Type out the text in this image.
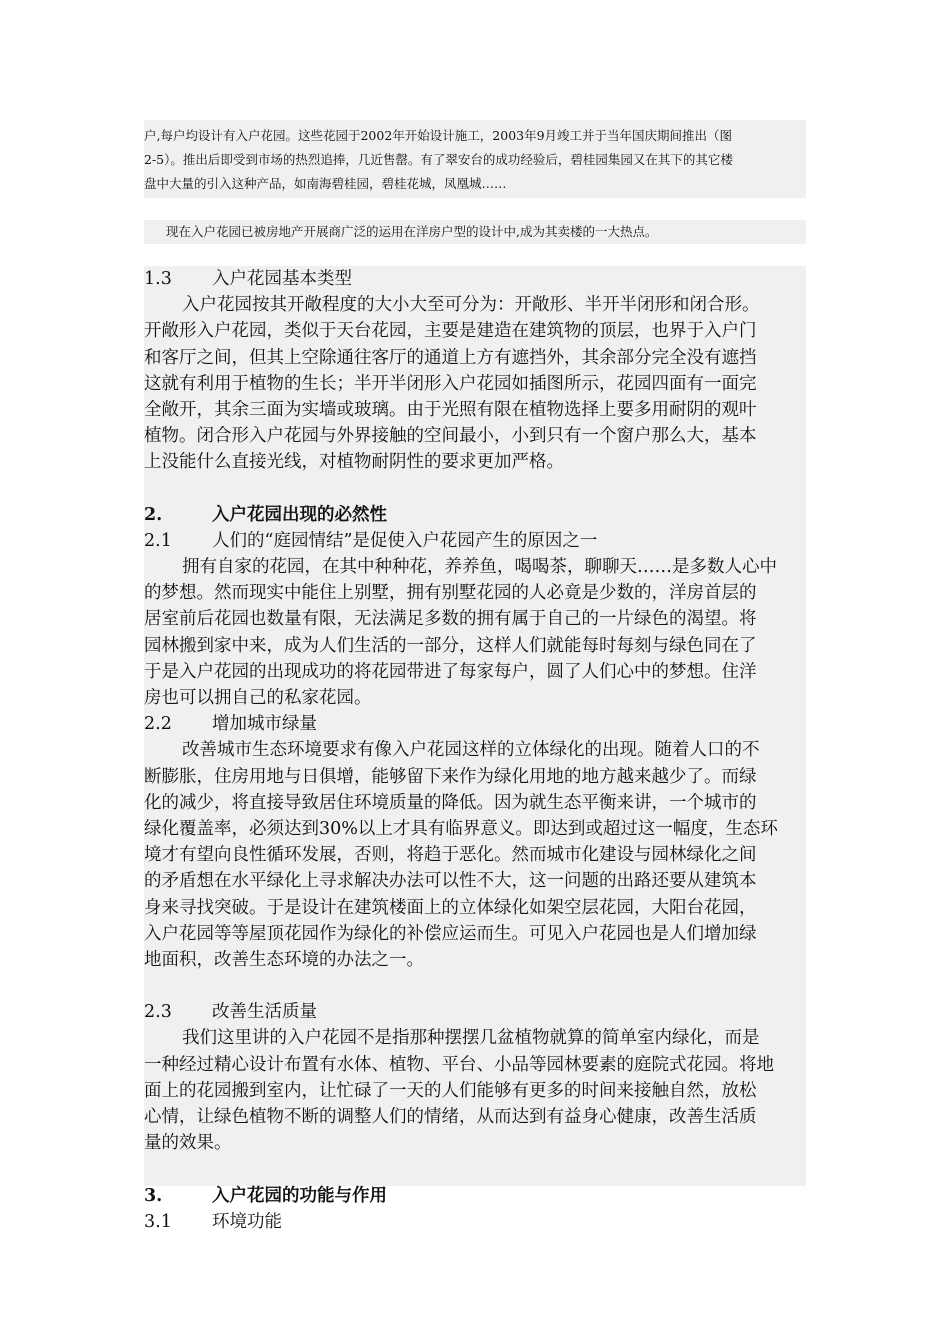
户,每户均设计有入户花园。这些花园于2002年开始设计施工，2003年9月竣工并于当年国庆期间推出（图

2-5）。推出后即受到市场的热烈追捧，几近售罄。有了翠安台的成功经验后，碧桂园集园又在其下的其它楼

盘中大量的引入这种产品，如南海碧桂园，碧桂花城，凤凰城……

现在入户花园已被房地产开展商广泛的运用在洋房户型的设计中,成为其卖楼的一大热点。
1.3 入户花园基本类型
入户花园按其开敞程度的大小大至可分为：开敞形、半开半闭形和闭合形。
开敞形入户花园，类似于天台花园，主要是建造在建筑物的顶层，也界于入户门
和客厅之间，但其上空除通往客厅的通道上方有遮挡外，其余部分完全没有遮挡
这就有利用于植物的生长；半开半闭形入户花园如插图所示，花园四面有一面完
全敞开，其余三面为实墙或玻璃。由于光照有限在植物选择上要多用耐阴的观叶
植物。闭合形入户花园与外界接触的空间最小，小到只有一个窗户那么大，基本
上没能什么直接光线，对植物耐阴性的要求更加严格。
2.	入户花园出现的必然性
2.1 人们的“庭园情结”是促使入户花园产生的原因之一
拥有自家的花园，在其中种种花，养养鱼，喝喝茶，聊聊天……是多数人心中
的梦想。然而现实中能住上别墅，拥有别墅花园的人必竟是少数的，洋房首层的
居室前后花园也数量有限，无法满足多数的拥有属于自己的一片绿色的渴望。将
园林搬到家中来，成为人们生活的一部分，这样人们就能每时每刻与绿色同在了
于是入户花园的出现成功的将花园带进了每家每户，圆了人们心中的梦想。住洋
房也可以拥自己的私家花园。
2.2 增加城市绿量
改善城市生态环境要求有像入户花园这样的立体绿化的出现。随着人口的不
断膨胀，住房用地与日俱增，能够留下来作为绿化用地的地方越来越少了。而绿
化的减少，将直接导致居住环境质量的降低。因为就生态平衡来讲，一个城市的
绿化覆盖率，必须达到30%以上才具有临界意义。即达到或超过这一幅度，生态环
境才有望向良性循环发展，否则，将趋于恶化。然而城市化建设与园林绿化之间
的矛盾想在水平绿化上寻求解决办法可以性不大，这一问题的出路还要从建筑本
身来寻找突破。于是设计在建筑楼面上的立体绿化如架空层花园，大阳台花园，
入户花园等等屋顶花园作为绿化的补偿应运而生。可见入户花园也是人们增加绿
地面积，改善生态环境的办法之一。
2.3 改善生活质量
我们这里讲的入户花园不是指那种摆摆几盆植物就算的简单室内绿化，而是
一种经过精心设计布置有水体、植物、平台、小品等园林要素的庭院式花园。将地
面上的花园搬到室内，让忙碌了一天的人们能够有更多的时间来接触自然，放松
心情，让绿色植物不断的调整人们的情绪，从而达到有益身心健康，改善生活质
量的效果。
3.	入户花园的功能与作用
3.1 环境功能
